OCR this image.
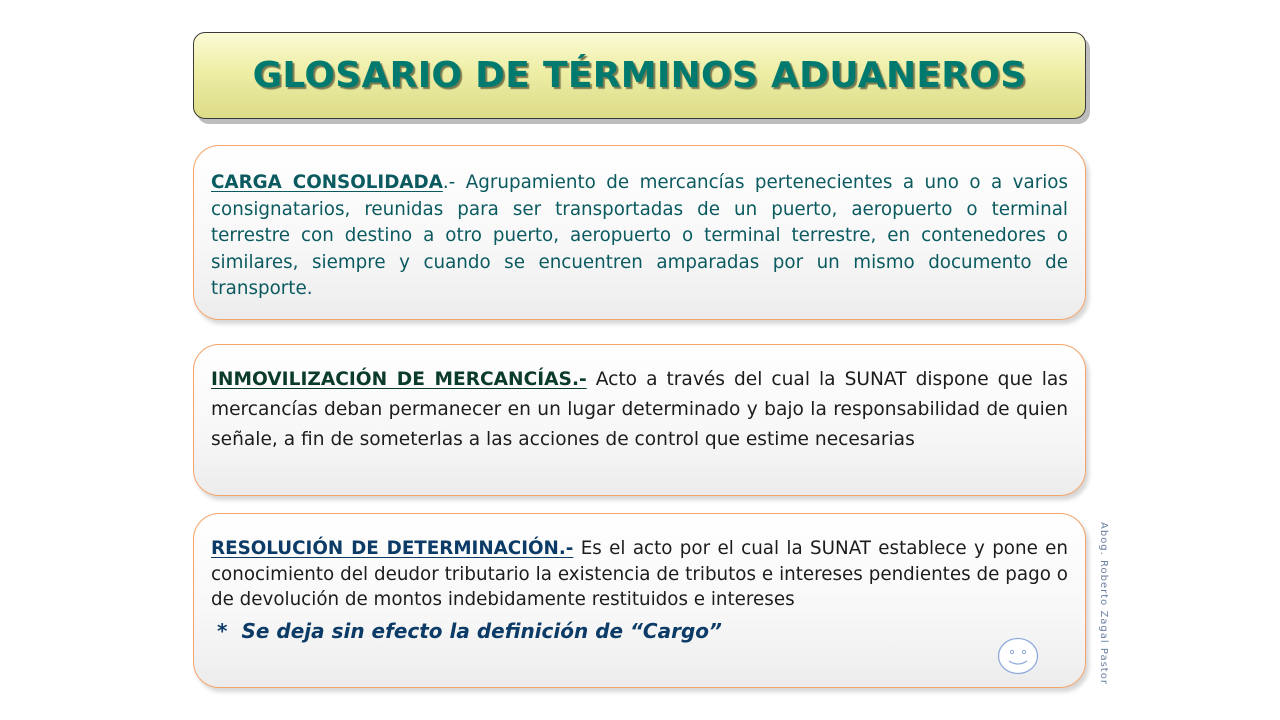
GLOSARIO DE TÉRMINOS ADUANEROS

CARGA CONSOLIDADA.- Agrupamiento de mercancías pertenecientes a uno o a varios consignatarios, reunidas para ser transportadas de un puerto, aeropuerto o terminal terrestre con destino a otro puerto, aeropuerto o terminal terrestre, en contenedores o similares, siempre y cuando se encuentren amparadas por un mismo documento de transporte.

INMOVILIZACIÓN DE MERCANCÍAS.- Acto a través del cual la SUNAT dispone que las mercancías deban permanecer en un lugar determinado y bajo la responsabilidad de quien señale, a fin de someterlas a las acciones de control que estime necesarias

RESOLUCIÓN DE DETERMINACIÓN.- Es el acto por el cual la SUNAT establece y pone en conocimiento del deudor tributario la existencia de tributos e intereses pendientes de pago o de devolución de montos indebidamente restituidos e intereses

* Se deja sin efecto la definición de “Cargo”	Abog. Roberto Zagal Pastor
